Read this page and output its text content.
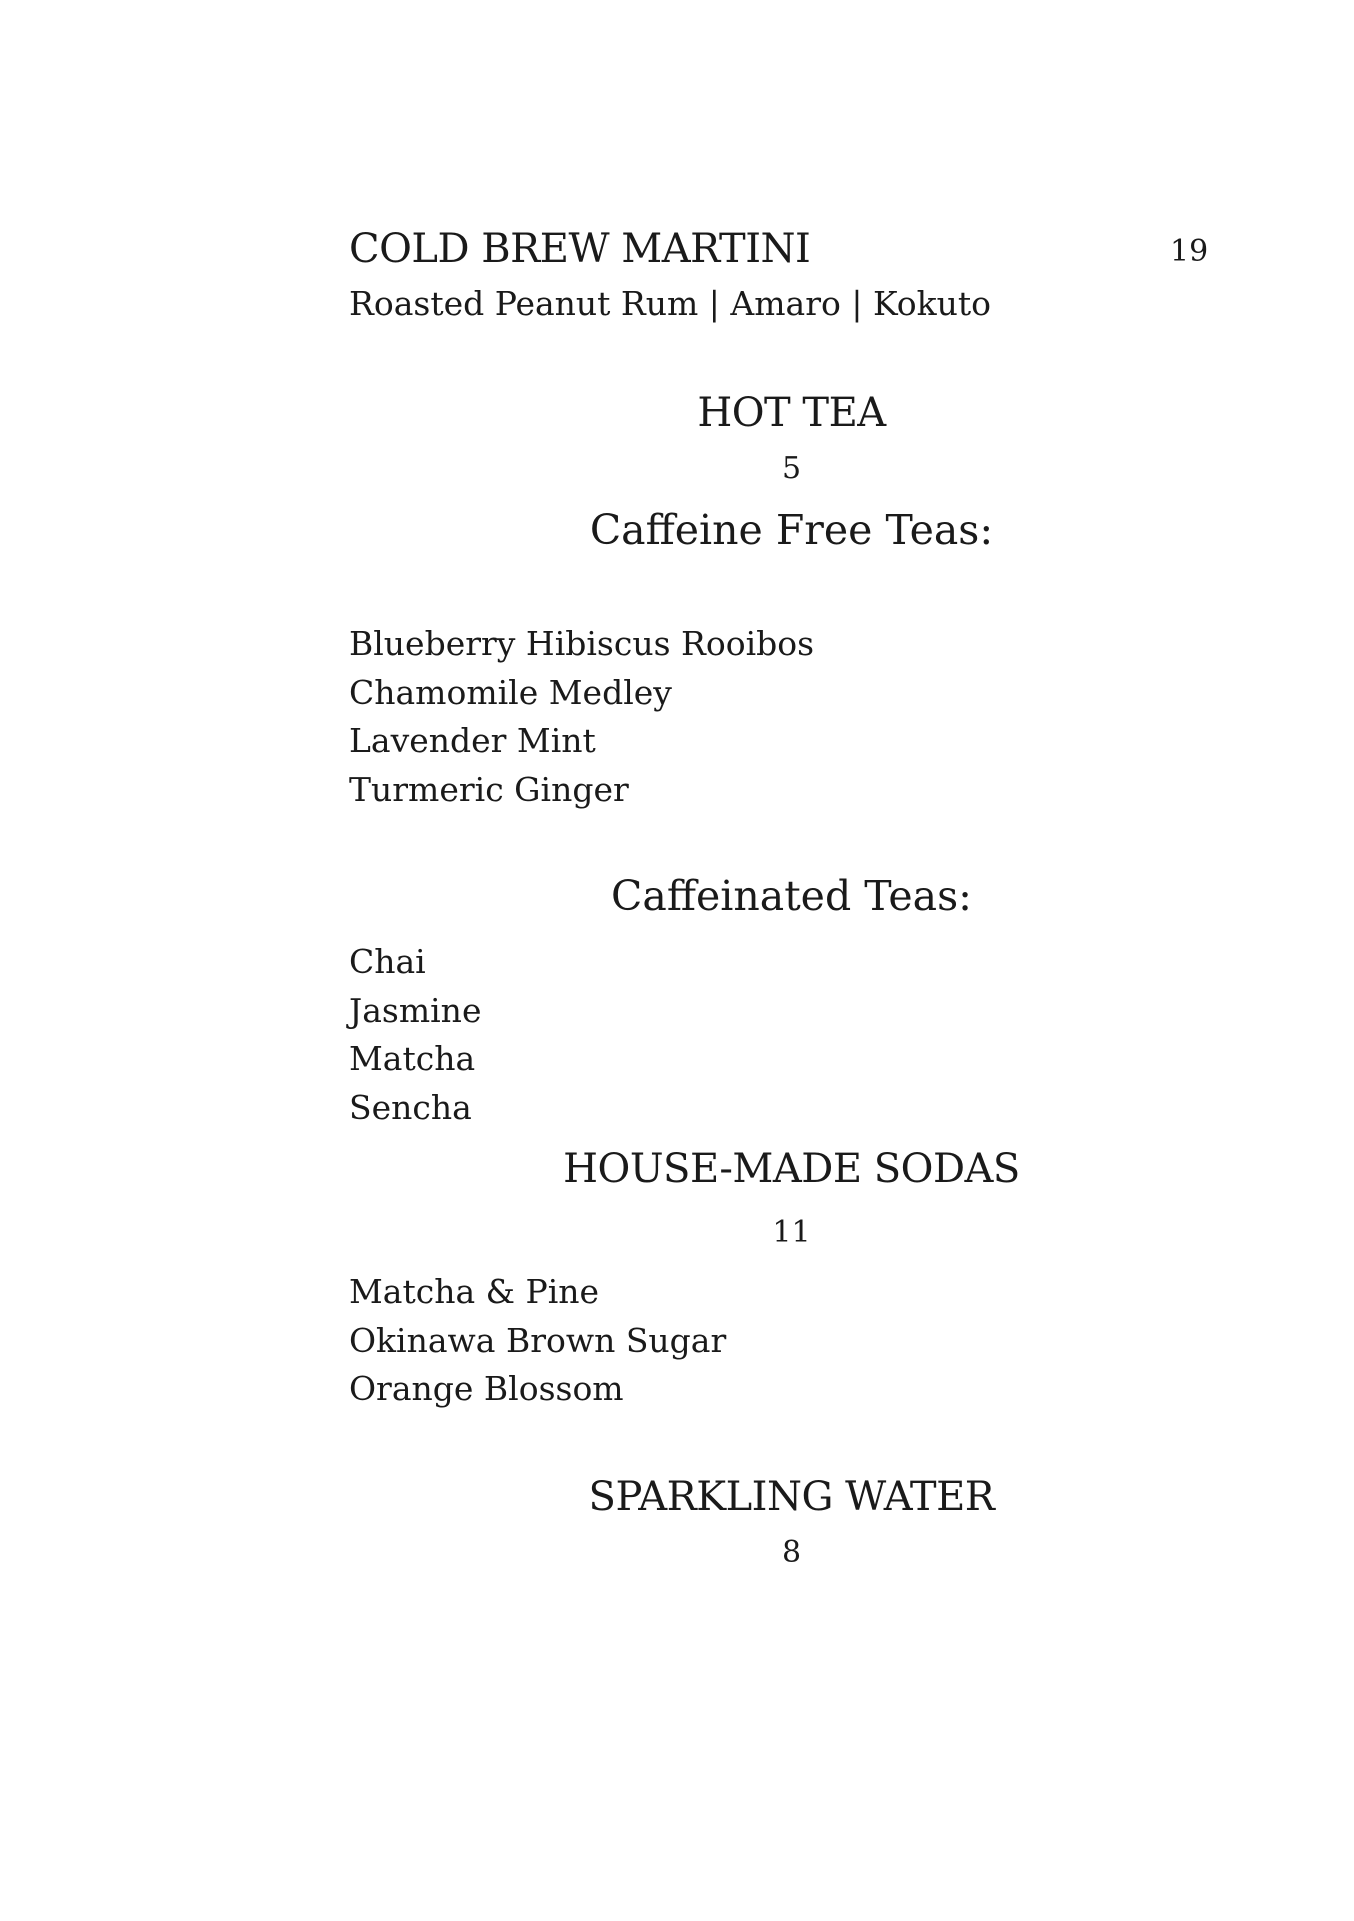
COLD BREW MARTINI	19
Roasted Peanut Rum | Amaro | Kokuto
HOT TEA
5
Caffeine Free Teas:
Blueberry Hibiscus Rooibos
Chamomile Medley
Lavender Mint
Turmeric Ginger
Caffeinated Teas:
Chai
Jasmine
Matcha
Sencha
HOUSE-MADE SODAS
11
Matcha & Pine
Okinawa Brown Sugar
Orange Blossom
SPARKLING WATER
8
